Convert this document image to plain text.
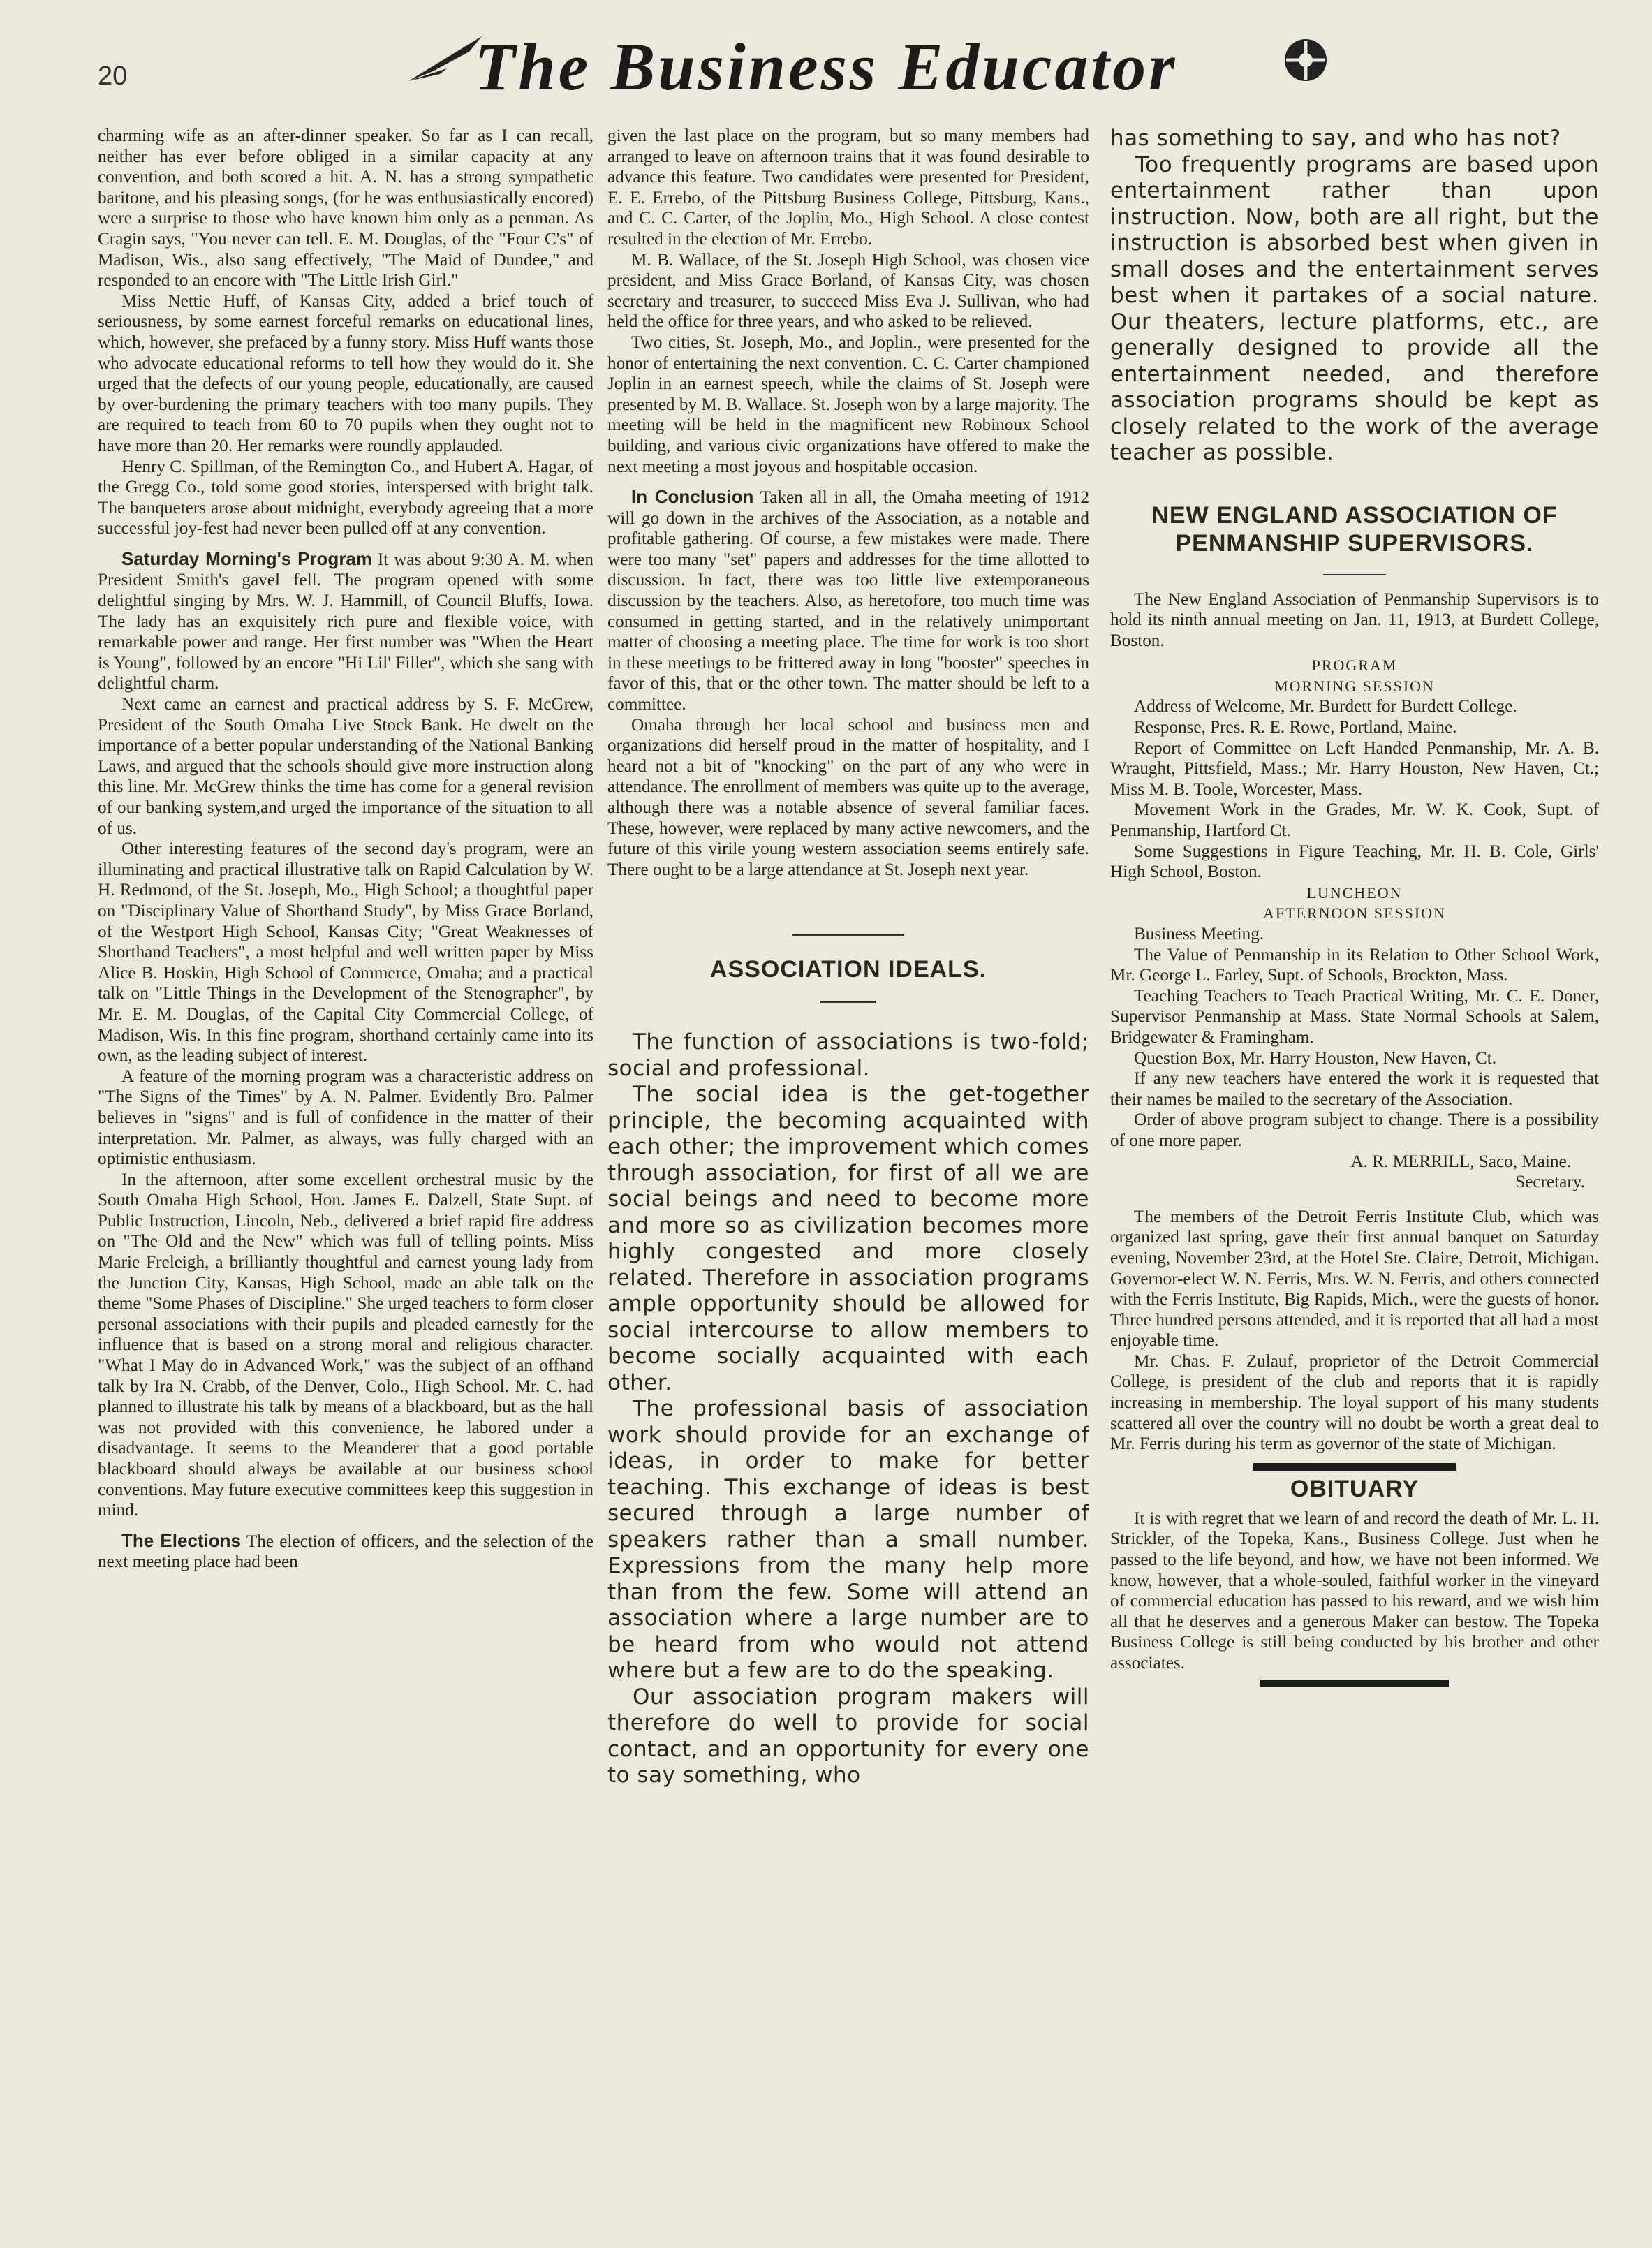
20	The Business Educator

charming wife as an after-dinner speaker. So far as I can recall, neither has ever before obliged in a similar capacity at any convention, and both scored a hit. A. N. has a strong sympathetic baritone, and his pleasing songs, (for he was enthusiastically encored) were a surprise to those who have known him only as a penman. As Cragin says, "You never can tell. E. M. Douglas, of the "Four C's" of Madison, Wis., also sang effectively, "The Maid of Dundee," and responded to an encore with "The Little Irish Girl."

Miss Nettie Huff, of Kansas City, added a brief touch of seriousness, by some earnest forceful remarks on educational lines, which, however, she prefaced by a funny story. Miss Huff wants those who advocate educational reforms to tell how they would do it. She urged that the defects of our young people, educationally, are caused by over-burdening the primary teachers with too many pupils. They are required to teach from 60 to 70 pupils when they ought not to have more than 20. Her remarks were roundly applauded.

Henry C. Spillman, of the Remington Co., and Hubert A. Hagar, of the Gregg Co., told some good stories, interspersed with bright talk. The banqueters arose about midnight, everybody agreeing that a more successful joy-fest had never been pulled off at any convention.

Saturday Morning's Program It was about 9:30 A. M. when President Smith's gavel fell. The program opened with some delightful singing by Mrs. W. J. Hammill, of Council Bluffs, Iowa. The lady has an exquisitely rich pure and flexible voice, with remarkable power and range. Her first number was "When the Heart is Young", followed by an encore "Hi Lil' Filler", which she sang with delightful charm.

Next came an earnest and practical address by S. F. McGrew, President of the South Omaha Live Stock Bank. He dwelt on the importance of a better popular understanding of the National Banking Laws, and argued that the schools should give more instruction along this line. Mr. McGrew thinks the time has come for a general revision of our banking system,and urged the importance of the situation to all of us.

Other interesting features of the second day's program, were an illuminating and practical illustrative talk on Rapid Calculation by W. H. Redmond, of the St. Joseph, Mo., High School; a thoughtful paper on "Disciplinary Value of Shorthand Study", by Miss Grace Borland, of the Westport High School, Kansas City; "Great Weaknesses of Shorthand Teachers", a most helpful and well written paper by Miss Alice B. Hoskin, High School of Commerce, Omaha; and a practical talk on "Little Things in the Development of the Stenographer", by Mr. E. M. Douglas, of the Capital City Commercial College, of Madison, Wis. In this fine program, shorthand certainly came into its own, as the leading subject of interest.

A feature of the morning program was a characteristic address on "The Signs of the Times" by A. N. Palmer. Evidently Bro. Palmer believes in "signs" and is full of confidence in the matter of their interpretation. Mr. Palmer, as always, was fully charged with an optimistic enthusiasm.

In the afternoon, after some excellent orchestral music by the South Omaha High School, Hon. James E. Dalzell, State Supt. of Public Instruction, Lincoln, Neb., delivered a brief rapid fire address on "The Old and the New" which was full of telling points. Miss Marie Freleigh, a brilliantly thoughtful and earnest young lady from the Junction City, Kansas, High School, made an able talk on the theme "Some Phases of Discipline." She urged teachers to form closer personal associations with their pupils and pleaded earnestly for the influence that is based on a strong moral and religious character. "What I May do in Advanced Work," was the subject of an offhand talk by Ira N. Crabb, of the Denver, Colo., High School. Mr. C. had planned to illustrate his talk by means of a blackboard, but as the hall was not provided with this convenience, he labored under a disadvantage. It seems to the Meanderer that a good portable blackboard should always be available at our business school conventions. May future executive committees keep this suggestion in mind.

The Elections The election of officers, and the selection of the next meeting place had been

given the last place on the program, but so many members had arranged to leave on afternoon trains that it was found desirable to advance this feature. Two candidates were presented for President, E. E. Errebo, of the Pittsburg Business College, Pittsburg, Kans., and C. C. Carter, of the Joplin, Mo., High School. A close contest resulted in the election of Mr. Errebo.

M. B. Wallace, of the St. Joseph High School, was chosen vice president, and Miss Grace Borland, of Kansas City, was chosen secretary and treasurer, to succeed Miss Eva J. Sullivan, who had held the office for three years, and who asked to be relieved.

Two cities, St. Joseph, Mo., and Joplin., were presented for the honor of entertaining the next convention. C. C. Carter championed Joplin in an earnest speech, while the claims of St. Joseph were presented by M. B. Wallace. St. Joseph won by a large majority. The meeting will be held in the magnificent new Robinoux School building, and various civic organizations have offered to make the next meeting a most joyous and hospitable occasion.

In Conclusion Taken all in all, the Omaha meeting of 1912 will go down in the archives of the Association, as a notable and profitable gathering. Of course, a few mistakes were made. There were too many "set" papers and addresses for the time allotted to discussion. In fact, there was too little live extemporaneous discussion by the teachers. Also, as heretofore, too much time was consumed in getting started, and in the relatively unimportant matter of choosing a meeting place. The time for work is too short in these meetings to be frittered away in long "booster" speeches in favor of this, that or the other town. The matter should be left to a committee.

Omaha through her local school and business men and organizations did herself proud in the matter of hospitality, and I heard not a bit of "knocking" on the part of any who were in attendance. The enrollment of members was quite up to the average, although there was a notable absence of several familiar faces. These, however, were replaced by many active newcomers, and the future of this virile young western association seems entirely safe. There ought to be a large attendance at St. Joseph next year.

ASSOCIATION IDEALS.

The function of associations is two-fold; social and professional.

The social idea is the get-together principle, the becoming acquainted with each other; the improvement which comes through association, for first of all we are social beings and need to become more and more so as civilization becomes more highly congested and more closely related. Therefore in association programs ample opportunity should be allowed for social intercourse to allow members to become socially acquainted with each other.

The professional basis of association work should provide for an exchange of ideas, in order to make for better teaching. This exchange of ideas is best secured through a large number of speakers rather than a small number. Expressions from the many help more than from the few. Some will attend an association where a large number are to be heard from who would not attend where but a few are to do the speaking.

Our association program makers will therefore do well to provide for social contact, and an opportunity for every one to say something, who

has something to say, and who has not?

Too frequently programs are based upon entertainment rather than upon instruction. Now, both are all right, but the instruction is absorbed best when given in small doses and the entertainment serves best when it partakes of a social nature. Our theaters, lecture platforms, etc., are generally designed to provide all the entertainment needed, and therefore association programs should be kept as closely related to the work of the average teacher as possible.

NEW ENGLAND ASSOCIATION OF PENMANSHIP SUPERVISORS.

The New England Association of Penmanship Supervisors is to hold its ninth annual meeting on Jan. 11, 1913, at Burdett College, Boston.

PROGRAM

MORNING SESSION

Address of Welcome, Mr. Burdett for Burdett College.

Response, Pres. R. E. Rowe, Portland, Maine.

Report of Committee on Left Handed Penmanship, Mr. A. B. Wraught, Pittsfield, Mass.; Mr. Harry Houston, New Haven, Ct.; Miss M. B. Toole, Worcester, Mass.

Movement Work in the Grades, Mr. W. K. Cook, Supt. of Penmanship, Hartford Ct.

Some Suggestions in Figure Teaching, Mr. H. B. Cole, Girls' High School, Boston.

LUNCHEON

AFTERNOON SESSION

Business Meeting.

The Value of Penmanship in its Relation to Other School Work, Mr. George L. Farley, Supt. of Schools, Brockton, Mass.

Teaching Teachers to Teach Practical Writing, Mr. C. E. Doner, Supervisor Penmanship at Mass. State Normal Schools at Salem, Bridgewater & Framingham.

Question Box, Mr. Harry Houston, New Haven, Ct.

If any new teachers have entered the work it is requested that their names be mailed to the secretary of the Association.

Order of above program subject to change. There is a possibility of one more paper.

A. R. MERRILL, Saco, Maine.

Secretary.

The members of the Detroit Ferris Institute Club, which was organized last spring, gave their first annual banquet on Saturday evening, November 23rd, at the Hotel Ste. Claire, Detroit, Michigan. Governor-elect W. N. Ferris, Mrs. W. N. Ferris, and others connected with the Ferris Institute, Big Rapids, Mich., were the guests of honor. Three hundred persons attended, and it is reported that all had a most enjoyable time.

Mr. Chas. F. Zulauf, proprietor of the Detroit Commercial College, is president of the club and reports that it is rapidly increasing in membership. The loyal support of his many students scattered all over the country will no doubt be worth a great deal to Mr. Ferris during his term as governor of the state of Michigan.

OBITUARY

It is with regret that we learn of and record the death of Mr. L. H. Strickler, of the Topeka, Kans., Business College. Just when he passed to the life beyond, and how, we have not been informed. We know, however, that a whole-souled, faithful worker in the vineyard of commercial education has passed to his reward, and we wish him all that he deserves and a generous Maker can bestow. The Topeka Business College is still being conducted by his brother and other associates.
